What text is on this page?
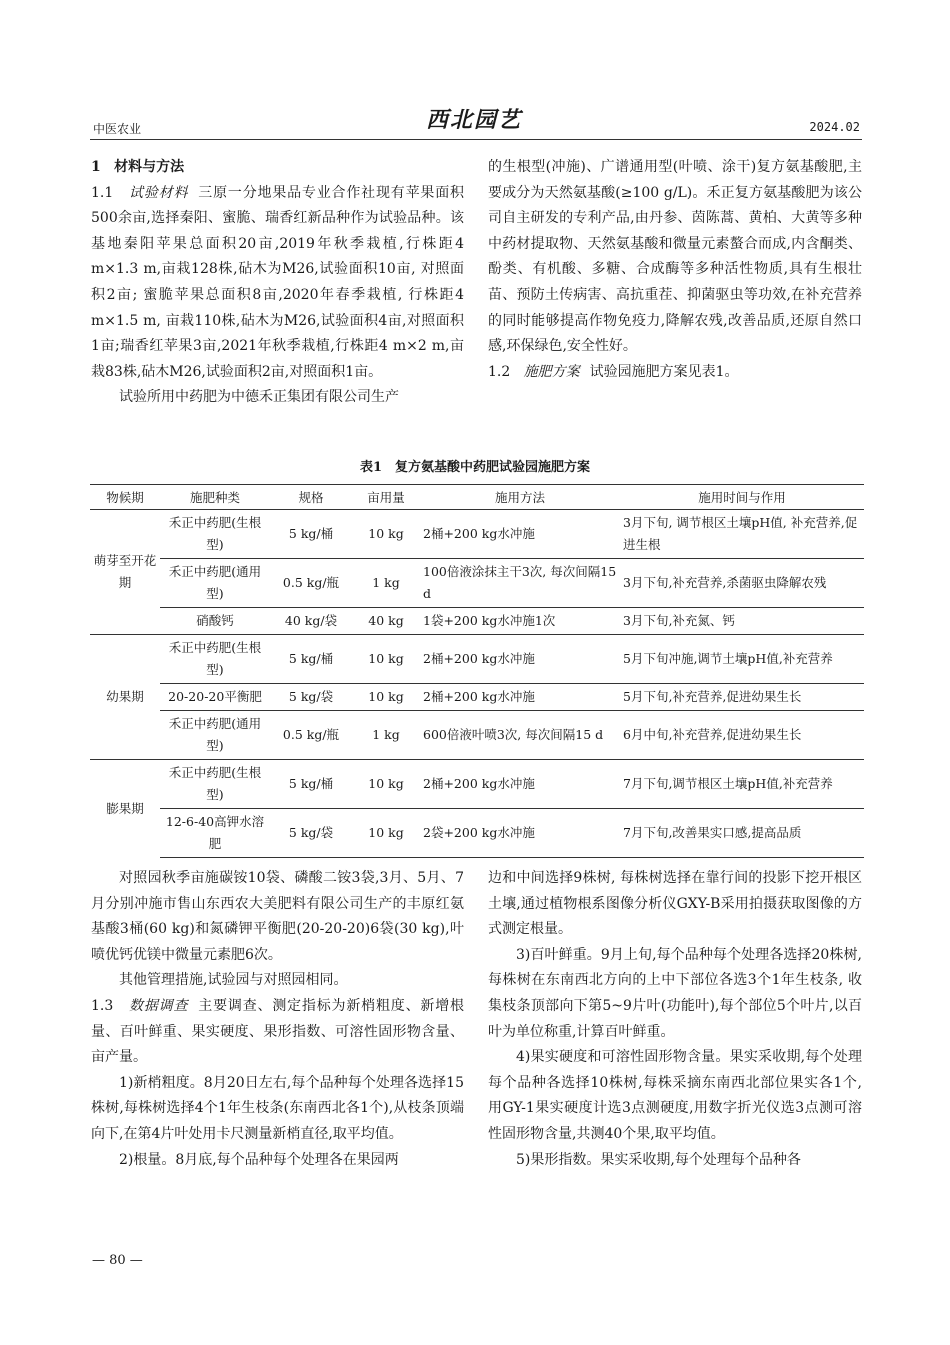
中医农业	西北园艺	2024.02

1 材料与方法

1.1 试验材料 三原一分地果品专业合作社现有苹果面积500余亩,选择秦阳、蜜脆、瑞香红新品种作为试验品种。该基地秦阳苹果总面积20亩,2019年秋季栽植,行株距4 m×1.3 m,亩栽128株,砧木为M26,试验面积10亩, 对照面积2亩; 蜜脆苹果总面积8亩,2020年春季栽植, 行株距4 m×1.5 m, 亩栽110株,砧木为M26,试验面积4亩,对照面积1亩;瑞香红苹果3亩,2021年秋季栽植,行株距4 m×2 m,亩栽83株,砧木M26,试验面积2亩,对照面积1亩。

试验所用中药肥为中德禾正集团有限公司生产

的生根型(冲施)、广谱通用型(叶喷、涂干)复方氨基酸肥,主要成分为天然氨基酸(≥100 g/L)。禾正复方氨基酸肥为该公司自主研发的专利产品,由丹参、茵陈蒿、黄柏、大黄等多种中药材提取物、天然氨基酸和微量元素螯合而成,内含酮类、酚类、有机酸、多糖、合成酶等多种活性物质,具有生根壮苗、预防土传病害、高抗重茬、抑菌驱虫等功效,在补充营养的同时能够提高作物免疫力,降解农残,改善品质,还原自然口感,环保绿色,安全性好。

1.2 施肥方案 试验园施肥方案见表1。

表1　复方氨基酸中药肥试验园施肥方案
物候期	施肥种类	规格	亩用量	施用方法	施用时间与作用
萌芽至开花期	禾正中药肥(生根型)	5 kg/桶	10 kg	2桶+200 kg水冲施	3月下旬, 调节根区土壤pH值, 补充营养,促进生根
	禾正中药肥(通用型)	0.5 kg/瓶	1 kg	100倍液涂抹主干3次, 每次间隔15 d	3月下旬,补充营养,杀菌驱虫降解农残
	硝酸钙	40 kg/袋	40 kg	1袋+200 kg水冲施1次	3月下旬,补充氮、钙
幼果期	禾正中药肥(生根型)	5 kg/桶	10 kg	2桶+200 kg水冲施	5月下旬冲施,调节土壤pH值,补充营养
	20-20-20平衡肥	5 kg/袋	10 kg	2桶+200 kg水冲施	5月下旬,补充营养,促进幼果生长
	禾正中药肥(通用型)	0.5 kg/瓶	1 kg	600倍液叶喷3次, 每次间隔15 d	6月中旬,补充营养,促进幼果生长
膨果期	禾正中药肥(生根型)	5 kg/桶	10 kg	2桶+200 kg水冲施	7月下旬,调节根区土壤pH值,补充营养
	12-6-40高钾水溶肥	5 kg/袋	10 kg	2袋+200 kg水冲施	7月下旬,改善果实口感,提高品质

对照园秋季亩施碳铵10袋、磷酸二铵3袋,3月、5月、7月分别冲施市售山东西农大美肥料有限公司生产的丰原红氨基酸3桶(60 kg)和氮磷钾平衡肥(20-20-20)6袋(30 kg),叶喷优钙优镁中微量元素肥6次。

其他管理措施,试验园与对照园相同。

1.3 数据调查 主要调查、测定指标为新梢粗度、新增根量、百叶鲜重、果实硬度、果形指数、可溶性固形物含量、亩产量。

1)新梢粗度。8月20日左右,每个品种每个处理各选择15株树,每株树选择4个1年生枝条(东南西北各1个),从枝条顶端向下,在第4片叶处用卡尺测量新梢直径,取平均值。

2)根量。8月底,每个品种每个处理各在果园两

边和中间选择9株树, 每株树选择在靠行间的投影下挖开根区土壤,通过植物根系图像分析仪GXY-B采用拍摄获取图像的方式测定根量。

3)百叶鲜重。9月上旬,每个品种每个处理各选择20株树,每株树在东南西北方向的上中下部位各选3个1年生枝条, 收集枝条顶部向下第5~9片叶(功能叶),每个部位5个叶片,以百叶为单位称重,计算百叶鲜重。

4)果实硬度和可溶性固形物含量。果实采收期,每个处理每个品种各选择10株树,每株采摘东南西北部位果实各1个, 用GY-1果实硬度计选3点测硬度,用数字折光仪选3点测可溶性固形物含量,共测40个果,取平均值。

5)果形指数。果实采收期,每个处理每个品种各

— 80 —
